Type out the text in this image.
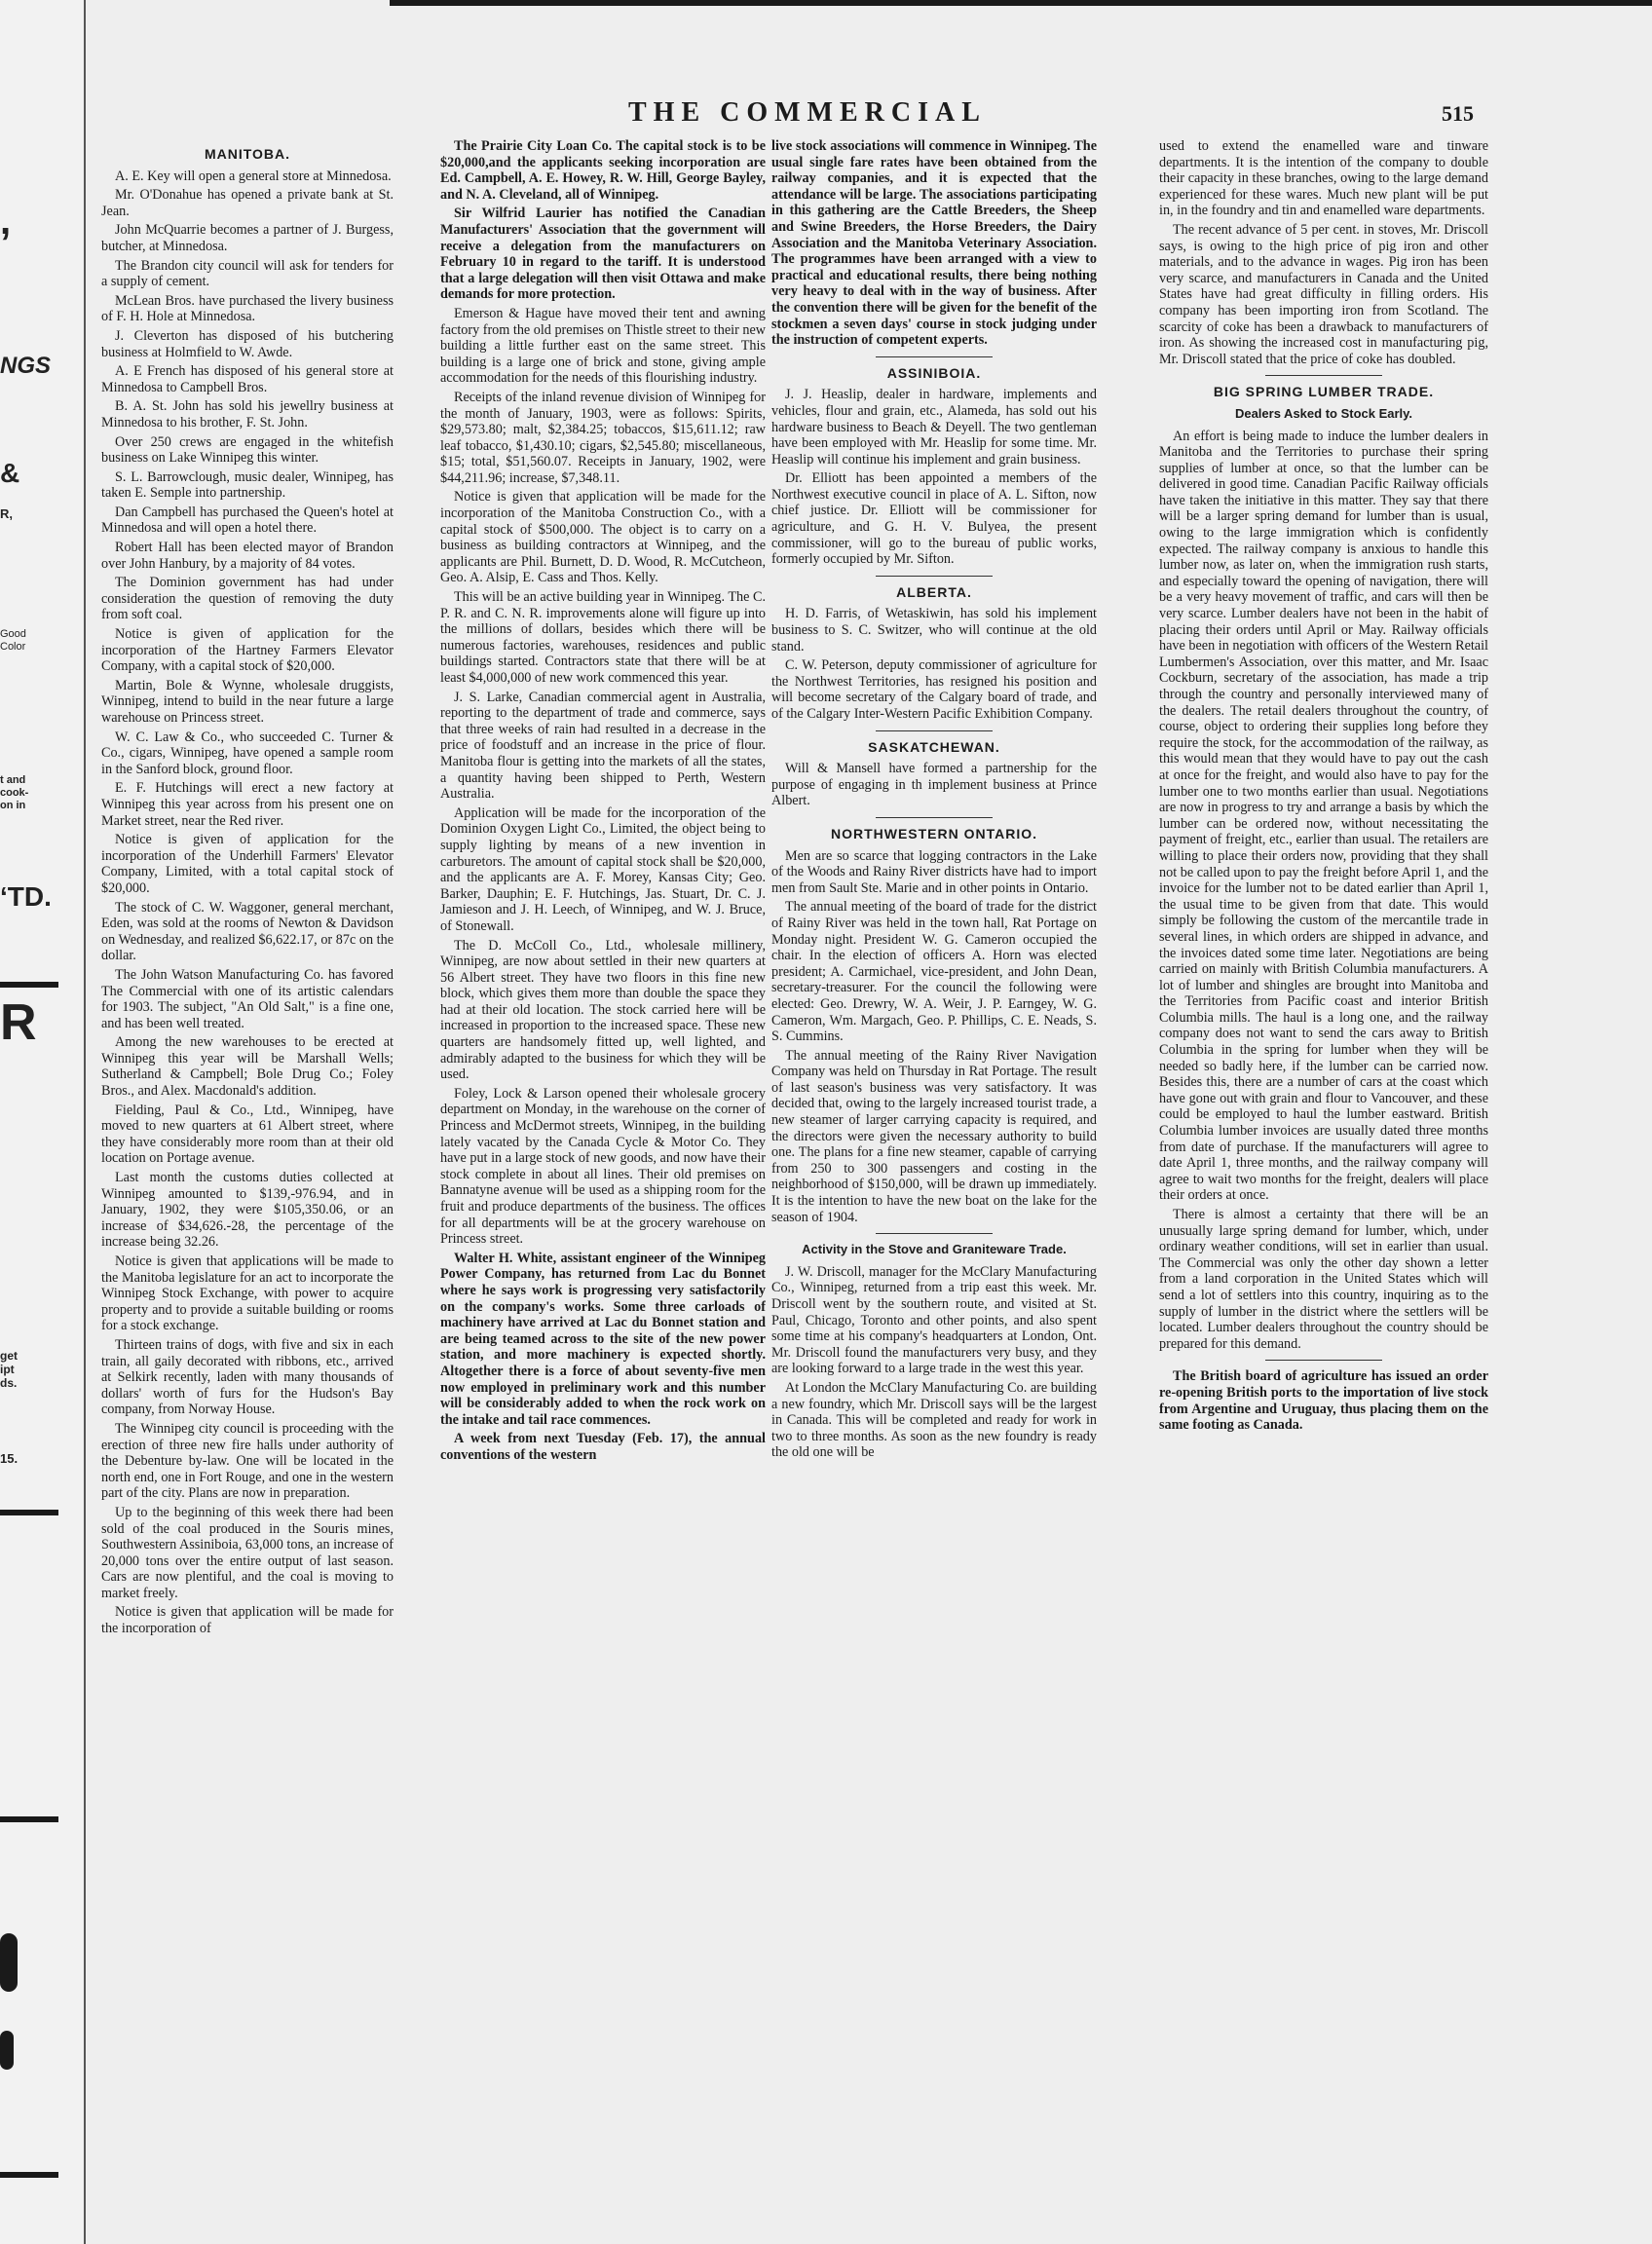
,
NGS
&
R,
Good
Color
t and
cook-
on in
‘TD.
R
get
ipt
ds.
15.
THE COMMERCIAL	515
MANITOBA.

A. E. Key will open a general store at Minnedosa.

Mr. O'Donahue has opened a private bank at St. Jean.

John McQuarrie becomes a partner of J. Burgess, butcher, at Minnedosa.

The Brandon city council will ask for tenders for a supply of cement.

McLean Bros. have purchased the livery business of F. H. Hole at Minnedosa.

J. Cleverton has disposed of his butchering business at Holmfield to W. Awde.

A. E French has disposed of his general store at Minnedosa to Campbell Bros.

B. A. St. John has sold his jewellry business at Minnedosa to his brother, F. St. John.

Over 250 crews are engaged in the whitefish business on Lake Winnipeg this winter.

S. L. Barrowclough, music dealer, Winnipeg, has taken E. Semple into partnership.

Dan Campbell has purchased the Queen's hotel at Minnedosa and will open a hotel there.

Robert Hall has been elected mayor of Brandon over John Hanbury, by a majority of 84 votes.

The Dominion government has had under consideration the question of removing the duty from soft coal.

Notice is given of application for the incorporation of the Hartney Farmers Elevator Company, with a capital stock of $20,000.

Martin, Bole & Wynne, wholesale druggists, Winnipeg, intend to build in the near future a large warehouse on Princess street.

W. C. Law & Co., who succeeded C. Turner & Co., cigars, Winnipeg, have opened a sample room in the Sanford block, ground floor.

E. F. Hutchings will erect a new factory at Winnipeg this year across from his present one on Market street, near the Red river.

Notice is given of application for the incorporation of the Underhill Farmers' Elevator Company, Limited, with a total capital stock of $20,000.

The stock of C. W. Waggoner, general merchant, Eden, was sold at the rooms of Newton & Davidson on Wednesday, and realized $6,622.17, or 87c on the dollar.

The John Watson Manufacturing Co. has favored The Commercial with one of its artistic calendars for 1903. The subject, "An Old Salt," is a fine one, and has been well treated.

Among the new warehouses to be erected at Winnipeg this year will be Marshall Wells; Sutherland & Campbell; Bole Drug Co.; Foley Bros., and Alex. Macdonald's addition.

Fielding, Paul & Co., Ltd., Winnipeg, have moved to new quarters at 61 Albert street, where they have considerably more room than at their old location on Portage avenue.

Last month the customs duties collected at Winnipeg amounted to $139,-976.94, and in January, 1902, they were $105,350.06, or an increase of $34,626.-28, the percentage of the increase being 32.26.

Notice is given that applications will be made to the Manitoba legislature for an act to incorporate the Winnipeg Stock Exchange, with power to acquire property and to provide a suitable building or rooms for a stock exchange.

Thirteen trains of dogs, with five and six in each train, all gaily decorated with ribbons, etc., arrived at Selkirk recently, laden with many thousands of dollars' worth of furs for the Hudson's Bay company, from Norway House.

The Winnipeg city council is proceeding with the erection of three new fire halls under authority of the Debenture by-law. One will be located in the north end, one in Fort Rouge, and one in the western part of the city. Plans are now in preparation.

Up to the beginning of this week there had been sold of the coal produced in the Souris mines, Southwestern Assiniboia, 63,000 tons, an increase of 20,000 tons over the entire output of last season. Cars are now plentiful, and the coal is moving to market freely.

Notice is given that application will be made for the incorporation of

The Prairie City Loan Co. The capital stock is to be $20,000,and the applicants seeking incorporation are Ed. Campbell, A. E. Howey, R. W. Hill, George Bayley, and N. A. Cleveland, all of Winnipeg.

Sir Wilfrid Laurier has notified the Canadian Manufacturers' Association that the government will receive a delegation from the manufacturers on February 10 in regard to the tariff. It is understood that a large delegation will then visit Ottawa and make demands for more protection.

Emerson & Hague have moved their tent and awning factory from the old premises on Thistle street to their new building a little further east on the same street. This building is a large one of brick and stone, giving ample accommodation for the needs of this flourishing industry.

Receipts of the inland revenue division of Winnipeg for the month of January, 1903, were as follows: Spirits, $29,573.80; malt, $2,384.25; tobaccos, $15,611.12; raw leaf tobacco, $1,430.10; cigars, $2,545.80; miscellaneous, $15; total, $51,560.07. Receipts in January, 1902, were $44,211.96; increase, $7,348.11.

Notice is given that application will be made for the incorporation of the Manitoba Construction Co., with a capital stock of $500,000. The object is to carry on a business as building contractors at Winnipeg, and the applicants are Phil. Burnett, D. D. Wood, R. McCutcheon, Geo. A. Alsip, E. Cass and Thos. Kelly.

This will be an active building year in Winnipeg. The C. P. R. and C. N. R. improvements alone will figure up into the millions of dollars, besides which there will be numerous factories, warehouses, residences and public buildings started. Contractors state that there will be at least $4,000,000 of new work commenced this year.

J. S. Larke, Canadian commercial agent in Australia, reporting to the department of trade and commerce, says that three weeks of rain had resulted in a decrease in the price of foodstuff and an increase in the price of flour. Manitoba flour is getting into the markets of all the states, a quantity having been shipped to Perth, Western Australia.

Application will be made for the incorporation of the Dominion Oxygen Light Co., Limited, the object being to supply lighting by means of a new invention in carburetors. The amount of capital stock shall be $20,000, and the applicants are A. F. Morey, Kansas City; Geo. Barker, Dauphin; E. F. Hutchings, Jas. Stuart, Dr. C. J. Jamieson and J. H. Leech, of Winnipeg, and W. J. Bruce, of Stonewall.

The D. McColl Co., Ltd., wholesale millinery, Winnipeg, are now about settled in their new quarters at 56 Albert street. They have two floors in this fine new block, which gives them more than double the space they had at their old location. The stock carried here will be increased in proportion to the increased space. These new quarters are handsomely fitted up, well lighted, and admirably adapted to the business for which they will be used.

Foley, Lock & Larson opened their wholesale grocery department on Monday, in the warehouse on the corner of Princess and McDermot streets, Winnipeg, in the building lately vacated by the Canada Cycle & Motor Co. They have put in a large stock of new goods, and now have their stock complete in about all lines. Their old premises on Bannatyne avenue will be used as a shipping room for the fruit and produce departments of the business. The offices for all departments will be at the grocery warehouse on Princess street.

Walter H. White, assistant engineer of the Winnipeg Power Company, has returned from Lac du Bonnet where he says work is progressing very satisfactorily on the company's works. Some three carloads of machinery have arrived at Lac du Bonnet station and are being teamed across to the site of the new power station, and more machinery is expected shortly. Altogether there is a force of about seventy-five men now employed in preliminary work and this number will be considerably added to when the rock work on the intake and tail race commences.

A week from next Tuesday (Feb. 17), the annual conventions of the western

live stock associations will commence in Winnipeg. The usual single fare rates have been obtained from the railway companies, and it is expected that the attendance will be large. The associations participating in this gathering are the Cattle Breeders, the Sheep and Swine Breeders, the Horse Breeders, the Dairy Association and the Manitoba Veterinary Association. The programmes have been arranged with a view to practical and educational results, there being nothing very heavy to deal with in the way of business. After the convention there will be given for the benefit of the stockmen a seven days' course in stock judging under the instruction of competent experts.

ASSINIBOIA.

J. J. Heaslip, dealer in hardware, implements and vehicles, flour and grain, etc., Alameda, has sold out his hardware business to Beach & Deyell. The two gentleman have been employed with Mr. Heaslip for some time. Mr. Heaslip will continue his implement and grain business.

Dr. Elliott has been appointed a members of the Northwest executive council in place of A. L. Sifton, now chief justice. Dr. Elliott will be commissioner for agriculture, and G. H. V. Bulyea, the present commissioner, will go to the bureau of public works, formerly occupied by Mr. Sifton.

ALBERTA.

H. D. Farris, of Wetaskiwin, has sold his implement business to S. C. Switzer, who will continue at the old stand.

C. W. Peterson, deputy commissioner of agriculture for the Northwest Territories, has resigned his position and will become secretary of the Calgary board of trade, and of the Calgary Inter-Western Pacific Exhibition Company.

SASKATCHEWAN.

Will & Mansell have formed a partnership for the purpose of engaging in th implement business at Prince Albert.

NORTHWESTERN ONTARIO.

Men are so scarce that logging contractors in the Lake of the Woods and Rainy River districts have had to import men from Sault Ste. Marie and in other points in Ontario.

The annual meeting of the board of trade for the district of Rainy River was held in the town hall, Rat Portage on Monday night. President W. G. Cameron occupied the chair. In the election of officers A. Horn was elected president; A. Carmichael, vice-president, and John Dean, secretary-treasurer. For the council the following were elected: Geo. Drewry, W. A. Weir, J. P. Earngey, W. G. Cameron, Wm. Margach, Geo. P. Phillips, C. E. Neads, S. S. Cummins.

The annual meeting of the Rainy River Navigation Company was held on Thursday in Rat Portage. The result of last season's business was very satisfactory. It was decided that, owing to the largely increased tourist trade, a new steamer of larger carrying capacity is required, and the directors were given the necessary authority to build one. The plans for a fine new steamer, capable of carrying from 250 to 300 passengers and costing in the neighborhood of $150,000, will be drawn up immediately. It is the intention to have the new boat on the lake for the season of 1904.

Activity in the Stove and Graniteware Trade.

J. W. Driscoll, manager for the McClary Manufacturing Co., Winnipeg, returned from a trip east this week. Mr. Driscoll went by the southern route, and visited at St. Paul, Chicago, Toronto and other points, and also spent some time at his company's headquarters at London, Ont. Mr. Driscoll found the manufacturers very busy, and they are looking forward to a large trade in the west this year.

At London the McClary Manufacturing Co. are building a new foundry, which Mr. Driscoll says will be the largest in Canada. This will be completed and ready for work in two to three months. As soon as the new foundry is ready the old one will be

used to extend the enamelled ware and tinware departments. It is the intention of the company to double their capacity in these branches, owing to the large demand experienced for these wares. Much new plant will be put in, in the foundry and tin and enamelled ware departments.

The recent advance of 5 per cent. in stoves, Mr. Driscoll says, is owing to the high price of pig iron and other materials, and to the advance in wages. Pig iron has been very scarce, and manufacturers in Canada and the United States have had great difficulty in filling orders. His company has been importing iron from Scotland. The scarcity of coke has been a drawback to manufacturers of iron. As showing the increased cost in manufacturing pig, Mr. Driscoll stated that the price of coke has doubled.

BIG SPRING LUMBER TRADE.
Dealers Asked to Stock Early.

An effort is being made to induce the lumber dealers in Manitoba and the Territories to purchase their spring supplies of lumber at once, so that the lumber can be delivered in good time. Canadian Pacific Railway officials have taken the initiative in this matter. They say that there will be a larger spring demand for lumber than is usual, owing to the large immigration which is confidently expected. The railway company is anxious to handle this lumber now, as later on, when the immigration rush starts, and especially toward the opening of navigation, there will be a very heavy movement of traffic, and cars will then be very scarce. Lumber dealers have not been in the habit of placing their orders until April or May. Railway officials have been in negotiation with officers of the Western Retail Lumbermen's Association, over this matter, and Mr. Isaac Cockburn, secretary of the association, has made a trip through the country and personally interviewed many of the dealers. The retail dealers throughout the country, of course, object to ordering their supplies long before they require the stock, for the accommodation of the railway, as this would mean that they would have to pay out the cash at once for the freight, and would also have to pay for the lumber one to two months earlier than usual. Negotiations are now in progress to try and arrange a basis by which the lumber can be ordered now, without necessitating the payment of freight, etc., earlier than usual. The retailers are willing to place their orders now, providing that they shall not be called upon to pay the freight before April 1, and the invoice for the lumber not to be dated earlier than April 1, the usual time to be given from that date. This would simply be following the custom of the mercantile trade in several lines, in which orders are shipped in advance, and the invoices dated some time later. Negotiations are being carried on mainly with British Columbia manufacturers. A lot of lumber and shingles are brought into Manitoba and the Territories from Pacific coast and interior British Columbia mills. The haul is a long one, and the railway company does not want to send the cars away to British Columbia in the spring for lumber when they will be needed so badly here, if the lumber can be carried now. Besides this, there are a number of cars at the coast which have gone out with grain and flour to Vancouver, and these could be employed to haul the lumber eastward. British Columbia lumber invoices are usually dated three months from date of purchase. If the manufacturers will agree to date April 1, three months, and the railway company will agree to wait two months for the freight, dealers will place their orders at once.

There is almost a certainty that there will be an unusually large spring demand for lumber, which, under ordinary weather conditions, will set in earlier than usual. The Commercial was only the other day shown a letter from a land corporation in the United States which will send a lot of settlers into this country, inquiring as to the supply of lumber in the district where the settlers will be located. Lumber dealers throughout the country should be prepared for this demand.

The British board of agriculture has issued an order re-opening British ports to the importation of live stock from Argentine and Uruguay, thus placing them on the same footing as Canada.
